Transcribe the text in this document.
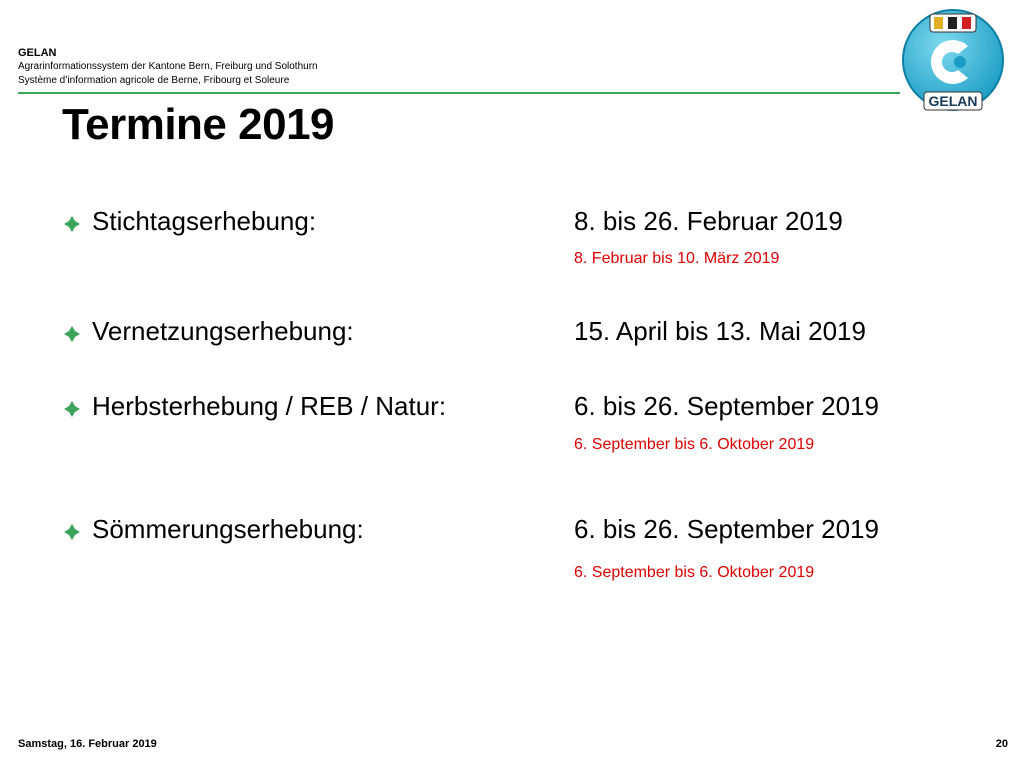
GELAN
Agrarinformationssystem der Kantone Bern, Freiburg und Solothurn
Système d’information agricole de Berne, Fribourg et Soleure
GELAN
Termine 2019
Stichtagserhebung:	8. bis 26. Februar 2019
8. Februar bis 10. März 2019
Vernetzungserhebung:	15. April bis 13. Mai 2019
Herbsterhebung / REB / Natur:	6. bis 26. September 2019
6. September bis 6. Oktober 2019
Sömmerungserhebung:	6. bis 26. September 2019
6. September bis 6. Oktober 2019
Samstag, 16. Februar 2019	20
